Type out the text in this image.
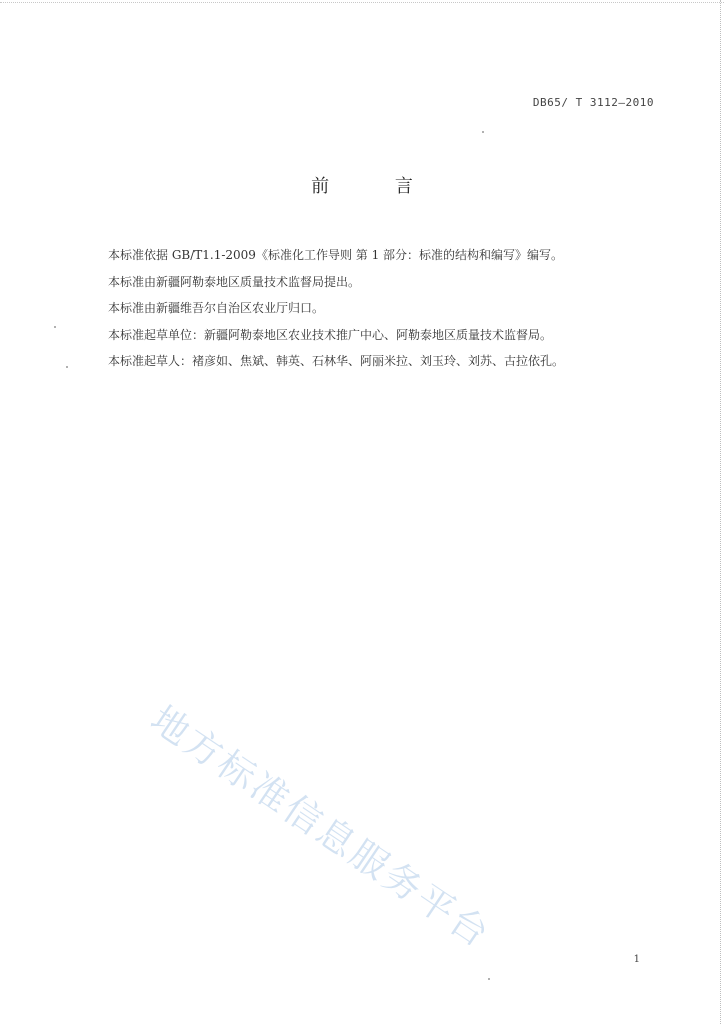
DB65/ T 3112—2010
前 言
本标准依据 GB/T1.1-2009《标准化工作导则 第 1 部分：标准的结构和编写》编写。
本标准由新疆阿勒泰地区质量技术监督局提出。
本标准由新疆维吾尔自治区农业厅归口。
本标准起草单位：新疆阿勒泰地区农业技术推广中心、阿勒泰地区质量技术监督局。
本标准起草人：褚彦如、焦斌、韩英、石林华、阿丽米拉、刘玉玲、刘苏、古拉依孔。
地方标准信息服务平台
1
